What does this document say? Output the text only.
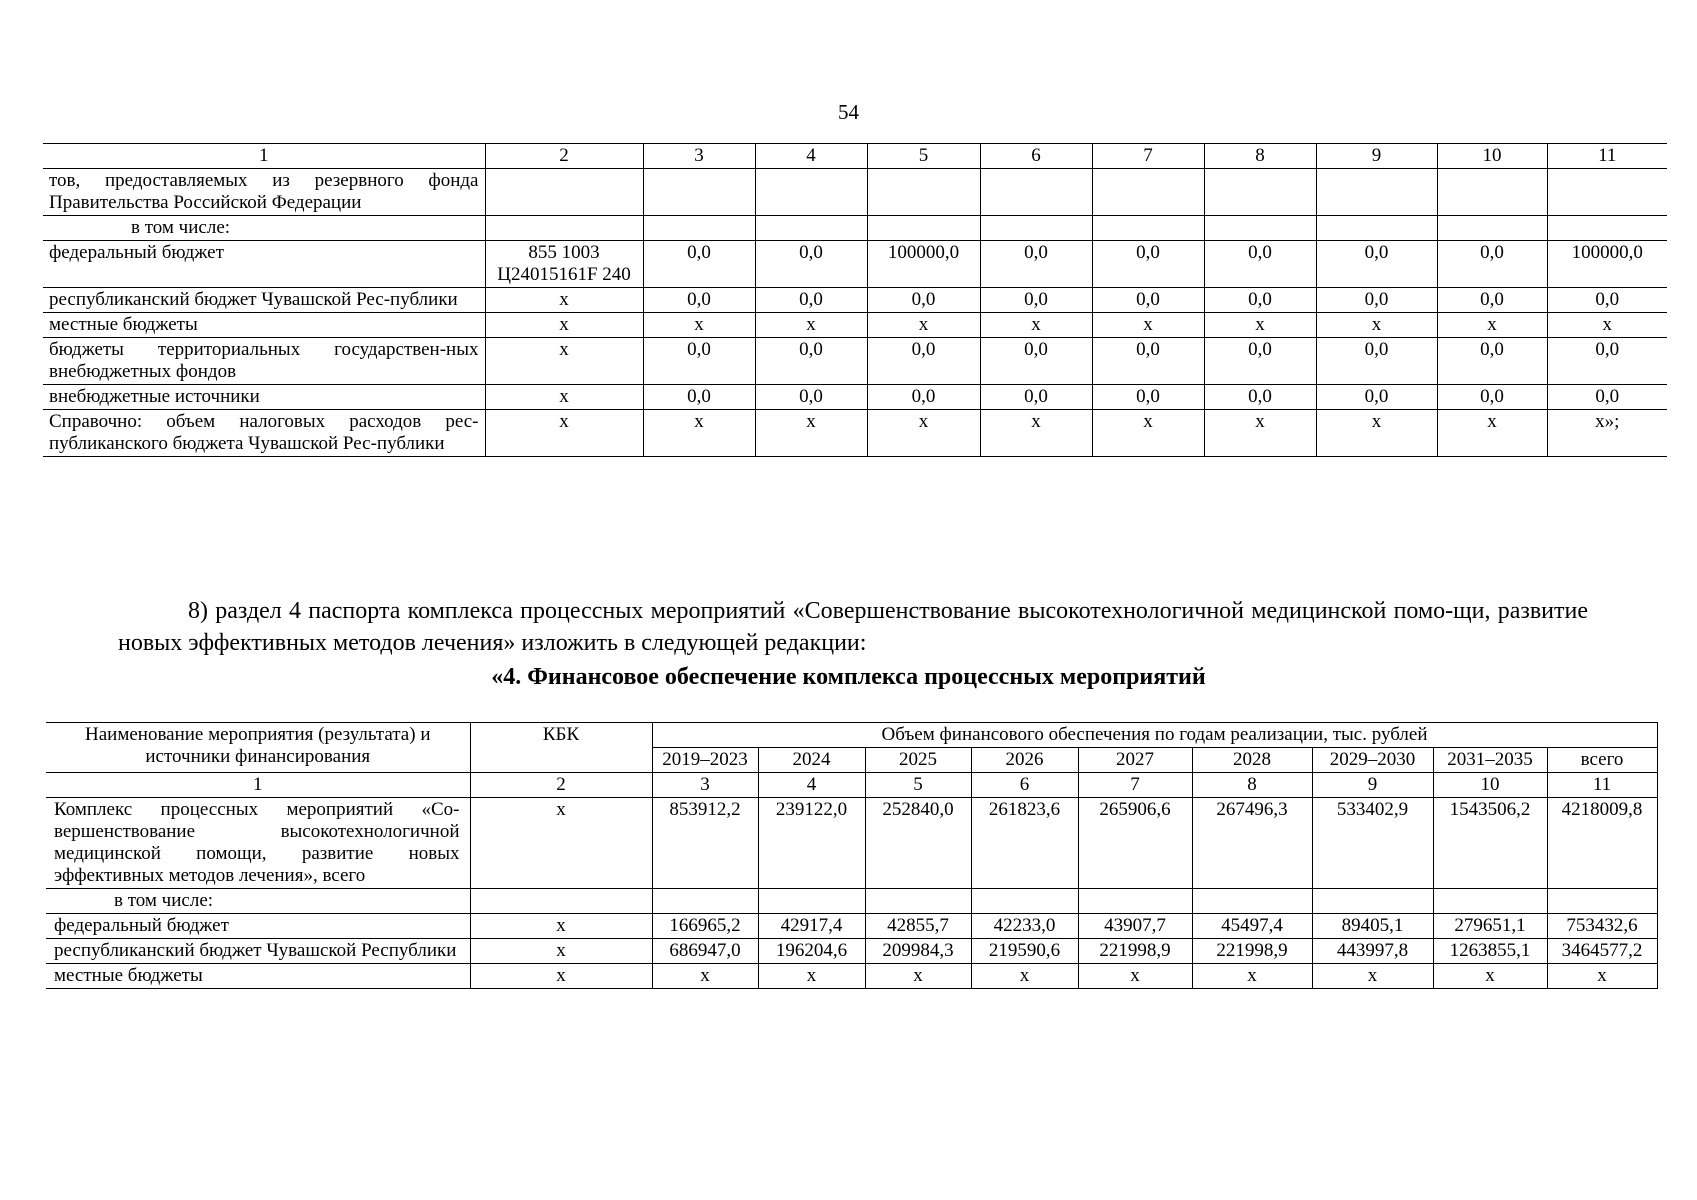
54
1	2	3	4	5	6	7	8	9	10	11
тов, предоставляемых из резервного фонда Правительства Российской Федерации										
в том числе:										
федеральный бюджет	855 1003 Ц24015161F 240	0,0	0,0	100000,0	0,0	0,0	0,0	0,0	0,0	100000,0
республиканский бюджет Чувашской Рес-публики	х	0,0	0,0	0,0	0,0	0,0	0,0	0,0	0,0	0,0
местные бюджеты	х	х	х	х	х	х	х	х	х	х
бюджеты территориальных государствен-ных внебюджетных фондов	х	0,0	0,0	0,0	0,0	0,0	0,0	0,0	0,0	0,0
внебюджетные источники	х	0,0	0,0	0,0	0,0	0,0	0,0	0,0	0,0	0,0
Справочно: объем налоговых расходов рес-публиканского бюджета Чувашской Рес-публики	х	х	х	х	х	х	х	х	х	х»;

8) раздел 4 паспорта комплекса процессных мероприятий «Совершенствование высокотехнологичной медицинской помо-щи, развитие новых эффективных методов лечения» изложить в следующей редакции:

«4. Финансовое обеспечение комплекса процессных мероприятий
Наименование мероприятия (результата) и источники финансирования	КБК	Объем финансового обеспечения по годам реализации, тыс. рублей								
		2019–2023	2024	2025	2026	2027	2028	2029–2030	2031–2035	всего
1	2	3	4	5	6	7	8	9	10	11
Комплекс процессных мероприятий «Со-вершенствование высокотехнологичной медицинской помощи, развитие новых эффективных методов лечения», всего	х	853912,2	239122,0	252840,0	261823,6	265906,6	267496,3	533402,9	1543506,2	4218009,8
в том числе:										
федеральный бюджет	х	166965,2	42917,4	42855,7	42233,0	43907,7	45497,4	89405,1	279651,1	753432,6
республиканский бюджет Чувашской Республики	х	686947,0	196204,6	209984,3	219590,6	221998,9	221998,9	443997,8	1263855,1	3464577,2
местные бюджеты	х	х	х	х	х	х	х	х	х	х
